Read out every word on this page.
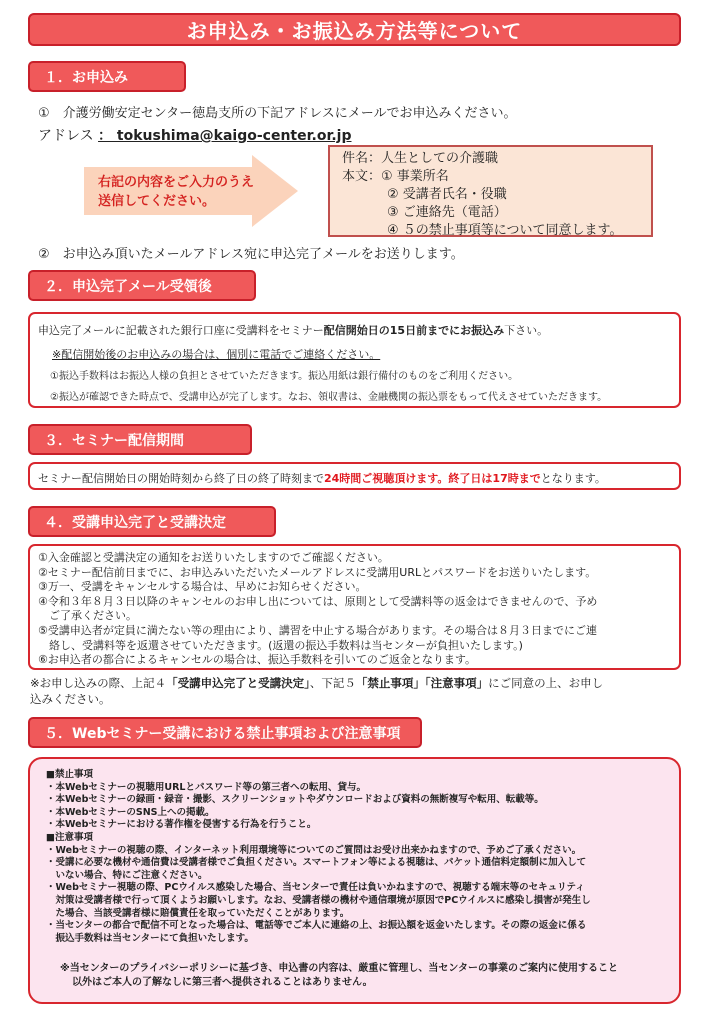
お申込み・お振込み方法等について
１．お申込み
①　介護労働安定センター徳島支所の下記アドレスにメールでお申込みください。
アドレス ： tokushima@kaigo-center.or.jp
右記の内容をご入力のうえ
送信してください。
件名：人生としての介護職
本文：① 事業所名
② 受講者氏名・役職
③ ご連絡先（電話）
④ ５の禁止事項等について同意します。
②　お申込み頂いたメールアドレス宛に申込完了メールをお送りします。
２．申込完了メール受領後
申込完了メールに記載された銀行口座に受講料をセミナー配信開始日の15日前までにお振込み下さい。
※配信開始後のお申込みの場合は、個別に電話でご連絡ください。
①振込手数料はお振込人様の負担とさせていただきます。振込用紙は銀行備付のものをご利用ください。
②振込が確認できた時点で、受講申込が完了します。なお、領収書は、金融機関の振込票をもって代えさせていただきます。
３．セミナー配信期間
セミナー配信開始日の開始時刻から終了日の終了時刻まで24時間ご視聴頂けます。終了日は17時までとなります。
４．受講申込完了と受講決定
①入金確認と受講決定の通知をお送りいたしますのでご確認ください。
②セミナー配信前日までに、お申込みいただいたメールアドレスに受講用URLとパスワードをお送りいたします。
③万一、受講をキャンセルする場合は、早めにお知らせください。
④令和３年８月３日以降のキャンセルのお申し出については、原則として受講料等の返金はできませんので、予め
　ご了承ください。
⑤受講申込者が定員に満たない等の理由により、講習を中止する場合があります。その場合は８月３日までにご連
　絡し、受講料等を返還させていただきます。(返還の振込手数料は当センターが負担いたします。)
⑥お申込者の都合によるキャンセルの場合は、振込手数料を引いてのご返金となります。
※お申し込みの際、上記４「受講申込完了と受講決定」、下記５「禁止事項」「注意事項」にご同意の上、お申し
込みください。
５．Webセミナー受講における禁止事項および注意事項
■禁止事項
・本Webセミナーの視聴用URLとパスワード等の第三者への転用、貸与。
・本Webセミナーの録画・録音・撮影、スクリーンショットやダウンロードおよび資料の無断複写や転用、転載等。
・本WebセミナーのSNS上への掲載。
・本Webセミナーにおける著作権を侵害する行為を行うこと。
■注意事項
・Webセミナーの視聴の際、インターネット利用環境等についてのご質問はお受け出来かねますので、予めご了承ください。
・受講に必要な機材や通信費は受講者様でご負担ください。スマートフォン等による視聴は、パケット通信料定額制に加入して
　いない場合、特にご注意ください。
・Webセミナー視聴の際、PCウイルス感染した場合、当センターで責任は負いかねますので、視聴する端末等のセキュリティ
　対策は受講者様で行って頂くようお願いします。なお、受講者様の機材や通信環境が原因でPCウイルスに感染し損害が発生し
　た場合、当該受講者様に賠償責任を取っていただくことがあります。
・当センターの都合で配信不可となった場合は、電話等でご本人に連絡の上、お振込額を返金いたします。その際の返金に係る
　振込手数料は当センターにて負担いたします。
※当センターのプライバシーポリシーに基づき、申込書の内容は、厳重に管理し、当センターの事業のご案内に使用すること
以外はご本人の了解なしに第三者へ提供されることはありません。
